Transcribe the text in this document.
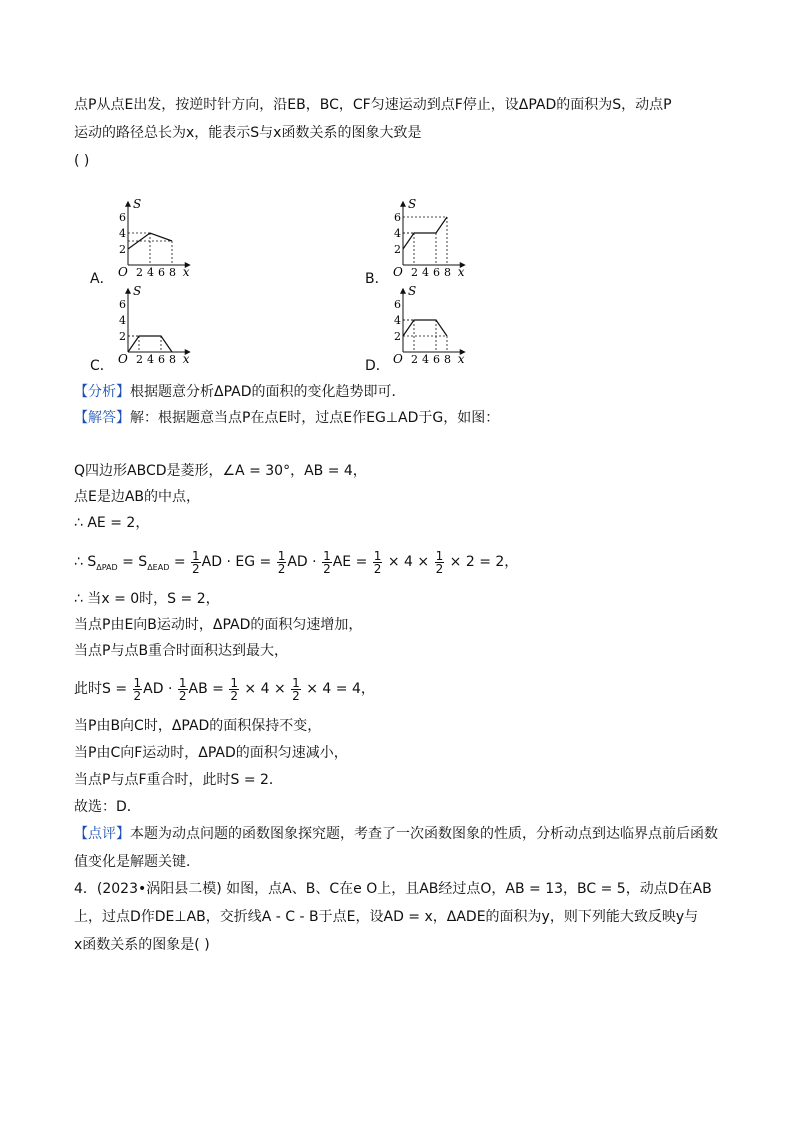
点P从点E出发，按逆时针方向，沿EB，BC，CF匀速运动到点F停止，设ΔPAD的面积为S，动点P
运动的路径总长为x，能表示S与x函数关系的图象大致是
( )
A．	B．
C．	D．
S
x
O
2
4
6
2 4 6 8
S
x
O
2
4
6
2 4 6 8
S
x
O
2
4
6
2 4 6 8
S
x
O
2
4
6
2 4 6 8
【分析】根据题意分析ΔPAD的面积的变化趋势即可．
【解答】解：根据题意当点P在点E时，过点E作EG⊥AD于G，如图：
Q四边形ABCD是菱形，∠A = 30°，AB = 4，
点E是边AB的中点，
∴ AE = 2，
∴ $S_{\Delta PAD} = S_{\Delta EAD} = \frac{1}{2}$ AD · EG = $\frac{1}{2}$ AD · $\frac{1}{2}$ AE = $\frac{1}{2} \times 4 \times \frac{1}{2} \times 2 = 2$，
∴ 当x = 0时，S = 2，
当点P由E向B运动时，ΔPAD的面积匀速增加，
当点P与点B重合时面积达到最大，
此时$S = \frac{1}{2}$ AD · $\frac{1}{2}$ AB = $\frac{1}{2} \times 4 \times \frac{1}{2} \times 4 = 4$，
当P由B向C时，ΔPAD的面积保持不变，
当P由C向F运动时，ΔPAD的面积匀速减小，
当点P与点F重合时，此时S = 2．
故选：D．
【点评】本题为动点问题的函数图象探究题，考查了一次函数图象的性质，分析动点到达临界点前后函数
值变化是解题关键．
4．(2023•涡阳县二模) 如图，点A、B、C在e O上，且AB经过点O，AB = 13，BC = 5，动点D在AB
上，过点D作DE⊥AB，交折线A - C - B于点E，设AD = x，ΔADE的面积为y，则下列能大致反映y与
x函数关系的图象是( )
